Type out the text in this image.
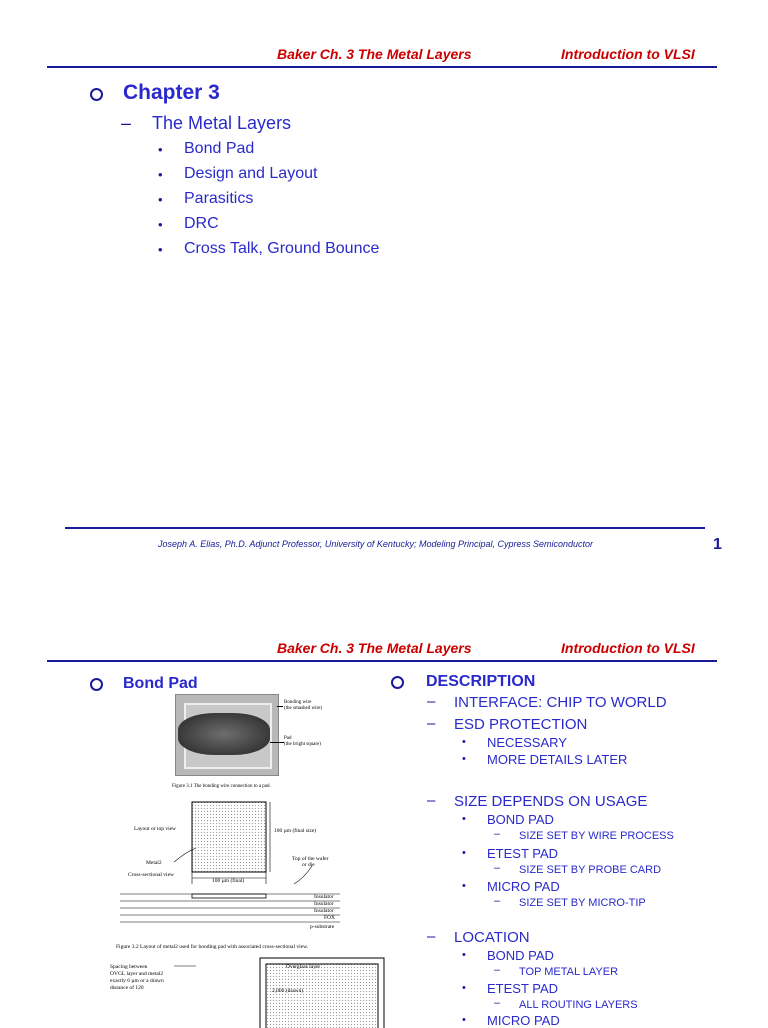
Baker Ch. 3 The Metal Layers	Introduction to VLSI
Chapter 3
– The Metal Layers
• Bond Pad
• Design and Layout
• Parasitics
• DRC
• Cross Talk, Ground Bounce
Joseph A. Elias, Ph.D. Adjunct Professor, University of Kentucky; Modeling Principal, Cypress Semiconductor	1
Baker Ch. 3 The Metal Layers	Introduction to VLSI
Bond Pad	DESCRIPTION
Bonding wire
(the smashed wire)
Pad
(the bright square)
Figure 3.1 The bonding wire connection to a pad.
Layout or top view	100 µm (final size)
Metal2
Top of the wafer
or die
Cross-sectional view
100 µm (final)
Insulator
Insulator
Insulator
FOX
p-substrate
Figure 3.2 Layout of metal2 used for bonding pad with associated cross-sectional view.
Spacing between
OVGL layer and metal2
exactly 6 µm or a drawn
distance of 120
Overglass layer
2,000 (drawn)
– INTERFACE: CHIP TO WORLD
– ESD PROTECTION
• NECESSARY
• MORE DETAILS LATER
– SIZE DEPENDS ON USAGE
• BOND PAD
– SIZE SET BY WIRE PROCESS
• ETEST PAD
– SIZE SET BY PROBE CARD
• MICRO PAD
– SIZE SET BY MICRO-TIP
– LOCATION
• BOND PAD
– TOP METAL LAYER
• ETEST PAD
– ALL ROUTING LAYERS
• MICRO PAD
